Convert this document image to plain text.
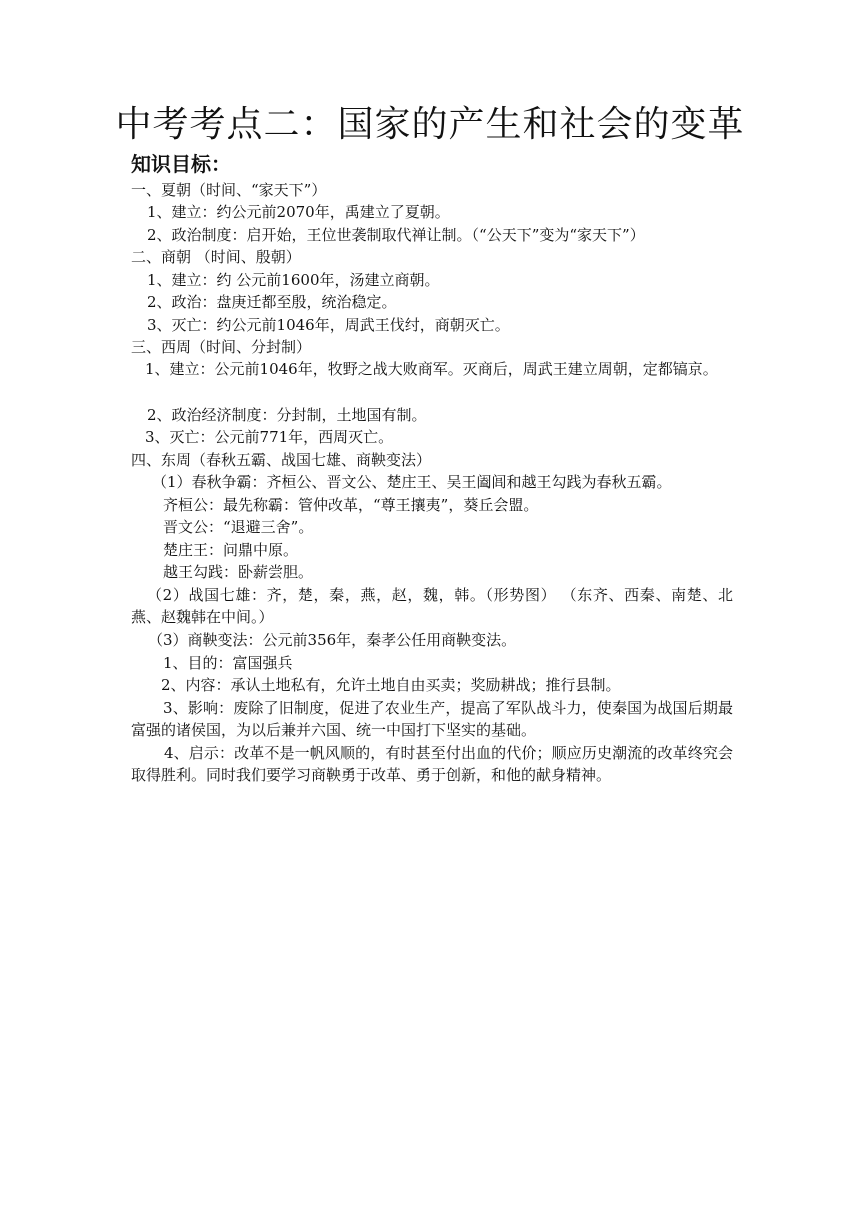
中考考点二：国家的产生和社会的变革
知识目标：
一、夏朝（时间、“家天下”）
1、建立：约公元前2070年，禹建立了夏朝。
2、政治制度：启开始，王位世袭制取代禅让制。（“公天下”变为“家天下”）
二、商朝 （时间、殷朝）
1、建立：约 公元前1600年，汤建立商朝。
2、政治：盘庚迁都至殷，统治稳定。
3、灭亡：约公元前1046年，周武王伐纣，商朝灭亡。
三、西周（时间、分封制）
1、建立：公元前1046年，牧野之战大败商军。灭商后，周武王建立周朝，定都镐京。
2、政治经济制度：分封制，土地国有制。
3、灭亡：公元前771年，西周灭亡。
四、东周（春秋五霸、战国七雄、商鞅变法）
（1）春秋争霸：齐桓公、晋文公、楚庄王、吴王阖闾和越王勾践为春秋五霸。
齐桓公：最先称霸：管仲改革，“尊王攘夷”，葵丘会盟。
晋文公：“退避三舍”。
楚庄王：问鼎中原。
越王勾践：卧薪尝胆。
（2）战国七雄：齐，楚，秦，燕，赵，魏，韩。（形势图） （东齐、西秦、南楚、北燕、赵魏韩在中间。）
（3）商鞅变法：公元前356年，秦孝公任用商鞅变法。
1、目的：富国强兵
2、内容：承认土地私有，允许土地自由买卖；奖励耕战；推行县制。
3、影响：废除了旧制度，促进了农业生产，提高了军队战斗力，使秦国为战国后期最富强的诸侯国，为以后兼并六国、统一中国打下坚实的基础。
4、启示：改革不是一帆风顺的，有时甚至付出血的代价；顺应历史潮流的改革终究会取得胜利。同时我们要学习商鞅勇于改革、勇于创新，和他的献身精神。
